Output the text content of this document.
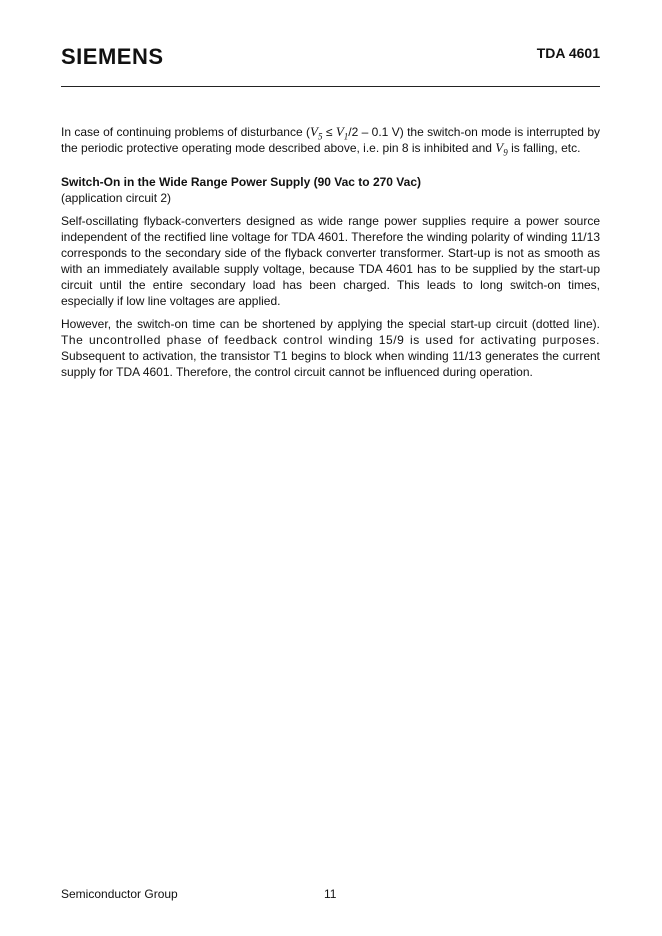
SIEMENS	TDA 4601

In case of continuing problems of disturbance ($V_5 \le V_1/2 - 0.1$ V) the switch-on mode is interrupted by the periodic protective operating mode described above, i.e. pin 8 is inhibited and $V_9$ is falling, etc.

Switch-On in the Wide Range Power Supply (90 Vac to 270 Vac)

(application circuit 2)

Self-oscillating flyback-converters designed as wide range power supplies require a power source independent of the rectified line voltage for TDA 4601. Therefore the winding polarity of winding 11/13 corresponds to the secondary side of the flyback converter transformer. Start-up is not as smooth as with an immediately available supply voltage, because TDA 4601 has to be supplied by the start-up circuit until the entire secondary load has been charged. This leads to long switch-on times, especially if low line voltages are applied.

However, the switch-on time can be shortened by applying the special start-up circuit (dotted line). The uncontrolled phase of feedback control winding 15/9 is used for activating purposes. Subsequent to activation, the transistor T1 begins to block when winding 11/13 generates the current supply for TDA 4601. Therefore, the control circuit cannot be influenced during operation.

Semiconductor Group	11
